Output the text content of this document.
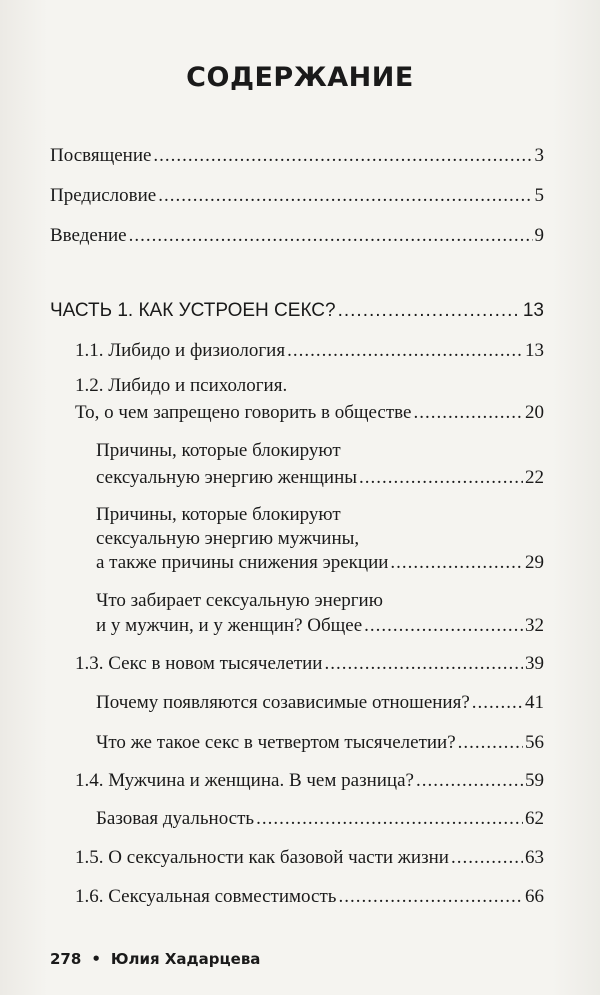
СОДЕРЖАНИЕ
Посвящение .....	3
Предисловие .....	5
Введение .....	9
ЧАСТЬ 1. КАК УСТРОЕН СЕКС? .....	13
1.1. Либидо и физиология .....	13
1.2. Либидо и психология.
То, о чем запрещено говорить в обществе .....	20
Причины, которые блокируют
сексуальную энергию женщины .....	22
Причины, которые блокируют
сексуальную энергию мужчины,
а также причины снижения эрекции .....	29
Что забирает сексуальную энергию
и у мужчин, и у женщин? Общее .....	32
1.3. Секс в новом тысячелетии .....	39
Почему появляются созависимые отношения? .....	41
Что же такое секс в четвертом тысячелетии? .....	56
1.4. Мужчина и женщина. В чем разница? .....	59
Базовая дуальность .....	62
1.5. О сексуальности как базовой части жизни .....	63
1.6. Сексуальная совместимость .....	66
278 • Юлия Хадарцева
